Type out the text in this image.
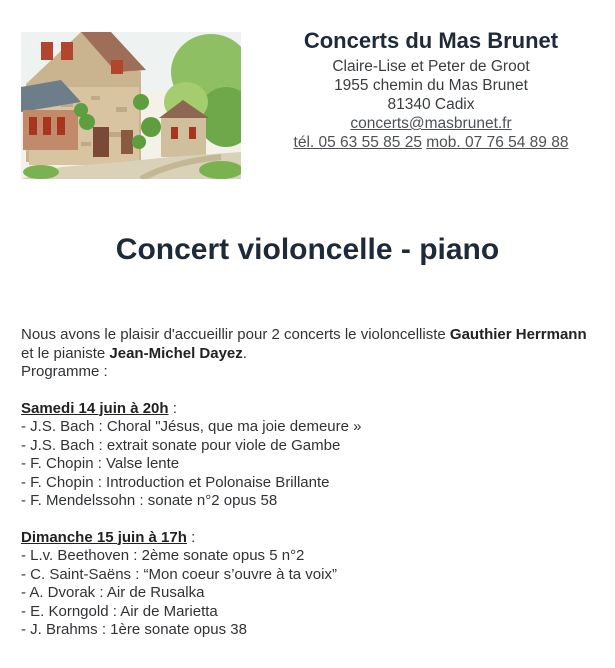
Concerts du Mas Brunet
Claire-Lise et Peter de Groot
1955 chemin du Mas Brunet
81340 Cadix
concerts@masbrunet.fr
tél. 05 63 55 85 25 mob. 07 76 54 89 88
Concert violoncelle - piano
Nous avons le plaisir d'accueillir pour 2 concerts le violoncelliste Gauthier Herrmann et le pianiste Jean-Michel Dayez.
Programme :
Samedi 14 juin à 20h :
- J.S. Bach : Choral "Jésus, que ma joie demeure »
- J.S. Bach : extrait sonate pour viole de Gambe
- F. Chopin : Valse lente
- F. Chopin : Introduction et Polonaise Brillante
- F. Mendelssohn : sonate n°2 opus 58
Dimanche 15 juin à 17h :
- L.v. Beethoven : 2ème sonate opus 5 n°2
- C. Saint-Saëns : “Mon coeur s’ouvre à ta voix”
- A. Dvorak : Air de Rusalka
- E. Korngold : Air de Marietta
- J. Brahms : 1ère sonate opus 38
